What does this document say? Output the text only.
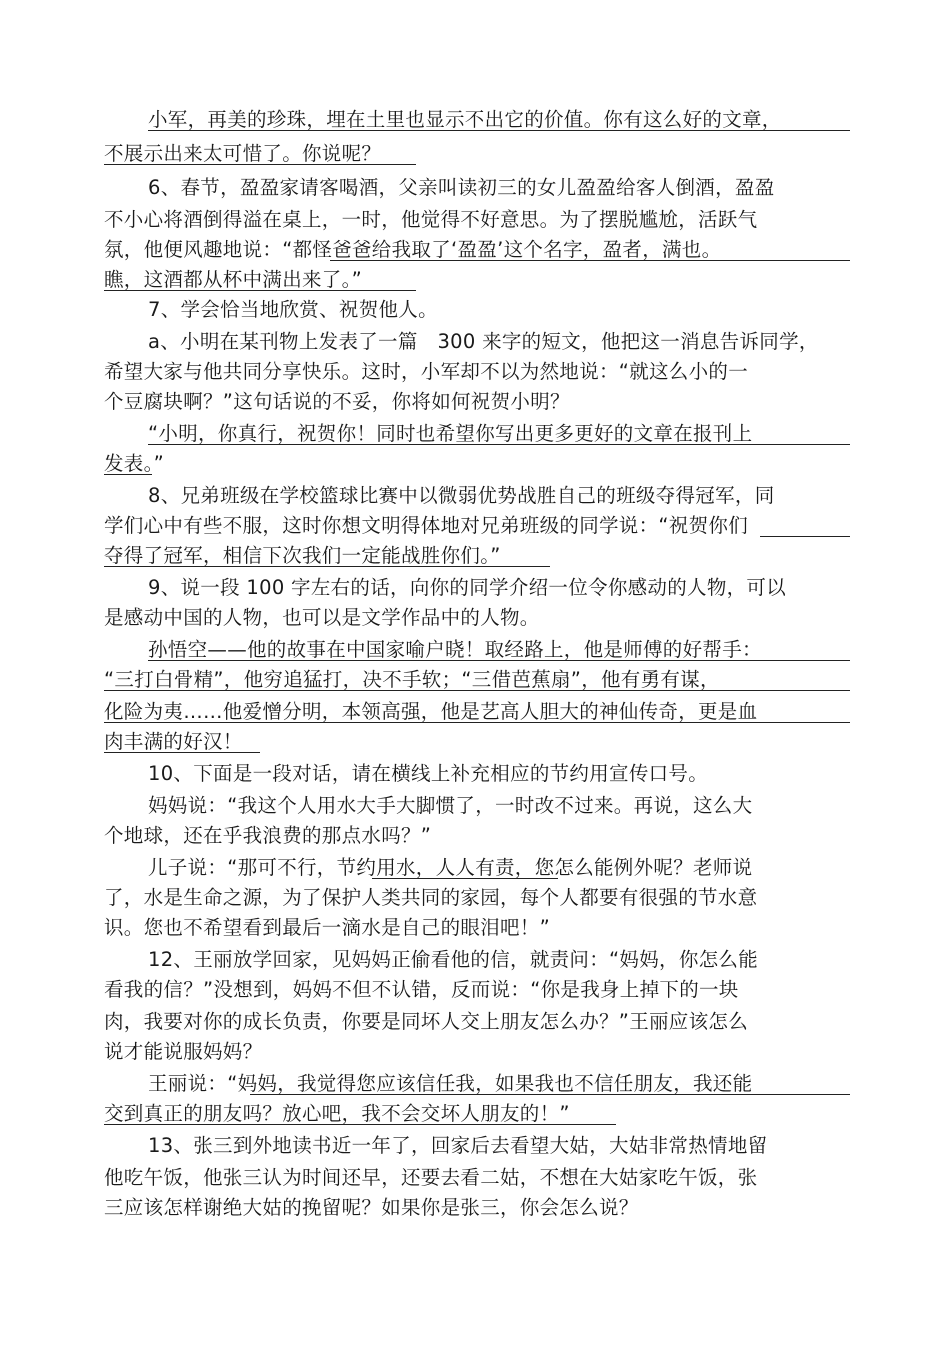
小军，再美的珍珠，埋在土里也显示不出它的价值。你有这么好的文章，
不展示出来太可惜了。你说呢？
6、春节，盈盈家请客喝酒，父亲叫读初三的女儿盈盈给客人倒酒，盈盈
不小心将酒倒得溢在桌上，一时，他觉得不好意思。为了摆脱尴尬，活跃气
氛，他便风趣地说：“都怪爸爸给我取了‘盈盈’这个名字，盈者，满也。
瞧，这酒都从杯中满出来了。”
7、学会恰当地欣赏、祝贺他人。
a、小明在某刊物上发表了一篇　300 来字的短文，他把这一消息告诉同学，
希望大家与他共同分享快乐。这时，小军却不以为然地说：“就这么小的一
个豆腐块啊？”这句话说的不妥，你将如何祝贺小明？
“小明，你真行，祝贺你！同时也希望你写出更多更好的文章在报刊上
发表。”
8、兄弟班级在学校篮球比赛中以微弱优势战胜自己的班级夺得冠军，同
学们心中有些不服，这时你想文明得体地对兄弟班级的同学说：“祝贺你们
夺得了冠军，相信下次我们一定能战胜你们。”
9、说一段 100 字左右的话，向你的同学介绍一位令你感动的人物，可以
是感动中国的人物，也可以是文学作品中的人物。
孙悟空——他的故事在中国家喻户晓！取经路上，他是师傅的好帮手：
“三打白骨精”，他穷追猛打，决不手软；“三借芭蕉扇”，他有勇有谋，
化险为夷……他爱憎分明，本领高强，他是艺高人胆大的神仙传奇，更是血
肉丰满的好汉！
10、下面是一段对话，请在横线上补充相应的节约用宣传口号。
妈妈说：“我这个人用水大手大脚惯了，一时改不过来。再说，这么大
个地球，还在乎我浪费的那点水吗？”
儿子说：“那可不行，节约用水，人人有责，您怎么能例外呢？老师说
了，水是生命之源，为了保护人类共同的家园，每个人都要有很强的节水意
识。您也不希望看到最后一滴水是自己的眼泪吧！”
12、王丽放学回家，见妈妈正偷看他的信，就责问：“妈妈，你怎么能
看我的信？”没想到，妈妈不但不认错，反而说：“你是我身上掉下的一块
肉，我要对你的成长负责，你要是同坏人交上朋友怎么办？”王丽应该怎么
说才能说服妈妈？
王丽说：“妈妈，我觉得您应该信任我，如果我也不信任朋友，我还能
交到真正的朋友吗？放心吧，我不会交坏人朋友的！”
13、张三到外地读书近一年了，回家后去看望大姑，大姑非常热情地留
他吃午饭，他张三认为时间还早，还要去看二姑，不想在大姑家吃午饭，张
三应该怎样谢绝大姑的挽留呢？如果你是张三，你会怎么说？
